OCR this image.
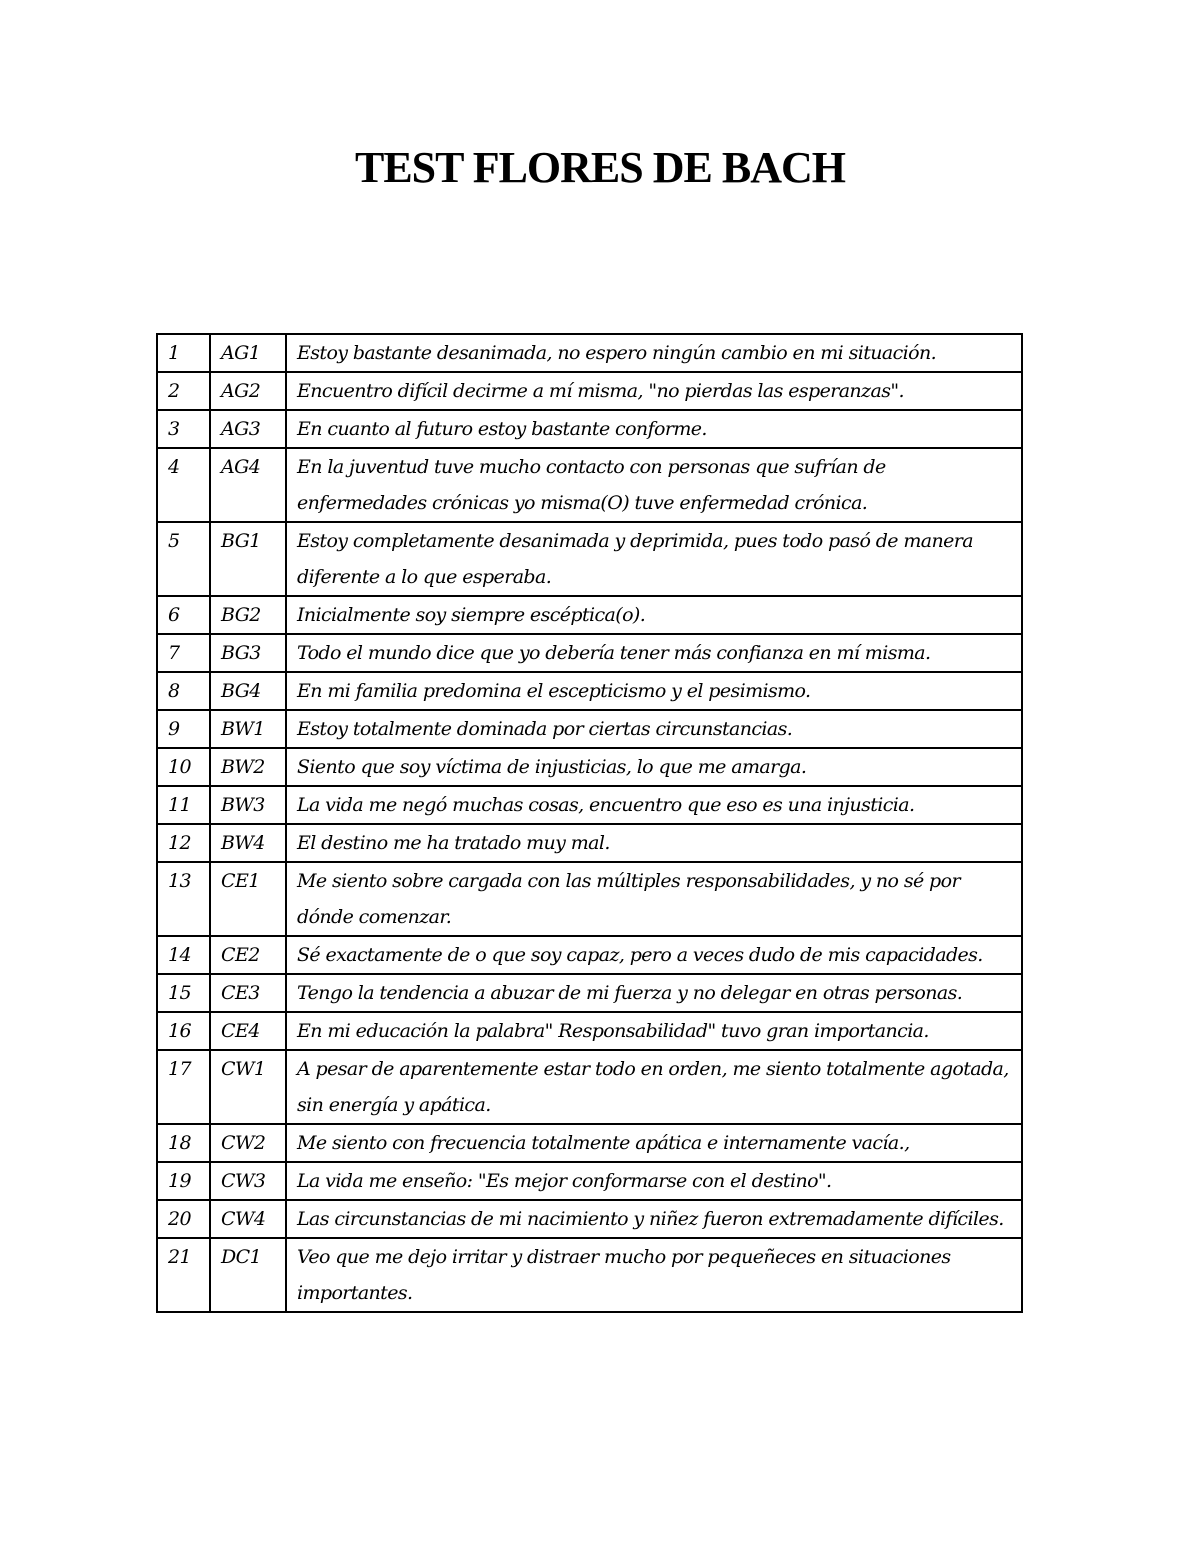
TEST FLORES DE BACH
1	AG1	Estoy bastante desanimada, no espero ningún cambio en mi situación.
2	AG2	Encuentro difícil decirme a mí misma, "no pierdas las esperanzas".
3	AG3	En cuanto al futuro estoy bastante conforme.
4	AG4	En la juventud tuve mucho contacto con personas que sufrían de enfermedades crónicas yo misma(O) tuve enfermedad crónica.
5	BG1	Estoy completamente desanimada y deprimida, pues todo pasó de manera diferente a lo que esperaba.
6	BG2	Inicialmente soy siempre escéptica(o).
7	BG3	Todo el mundo dice que yo debería tener más confianza en mí misma.
8	BG4	En mi familia predomina el escepticismo y el pesimismo.
9	BW1	Estoy totalmente dominada por ciertas circunstancias.
10	BW2	Siento que soy víctima de injusticias, lo que me amarga.
11	BW3	La vida me negó muchas cosas, encuentro que eso es una injusticia.
12	BW4	El destino me ha tratado muy mal.
13	CE1	Me siento sobre cargada con las múltiples responsabilidades, y no sé por dónde comenzar.
14	CE2	Sé exactamente de o que soy capaz, pero a veces dudo de mis capacidades.
15	CE3	Tengo la tendencia a abuzar de mi fuerza y no delegar en otras personas.
16	CE4	En mi educación la palabra" Responsabilidad" tuvo gran importancia.
17	CW1	A pesar de aparentemente estar todo en orden, me siento totalmente agotada, sin energía y apática.
18	CW2	Me siento con frecuencia totalmente apática e internamente vacía.,
19	CW3	La vida me enseño: "Es mejor conformarse con el destino".
20	CW4	Las circunstancias de mi nacimiento y niñez fueron extremadamente difíciles.
21	DC1	Veo que me dejo irritar y distraer mucho por pequeñeces en situaciones importantes.
